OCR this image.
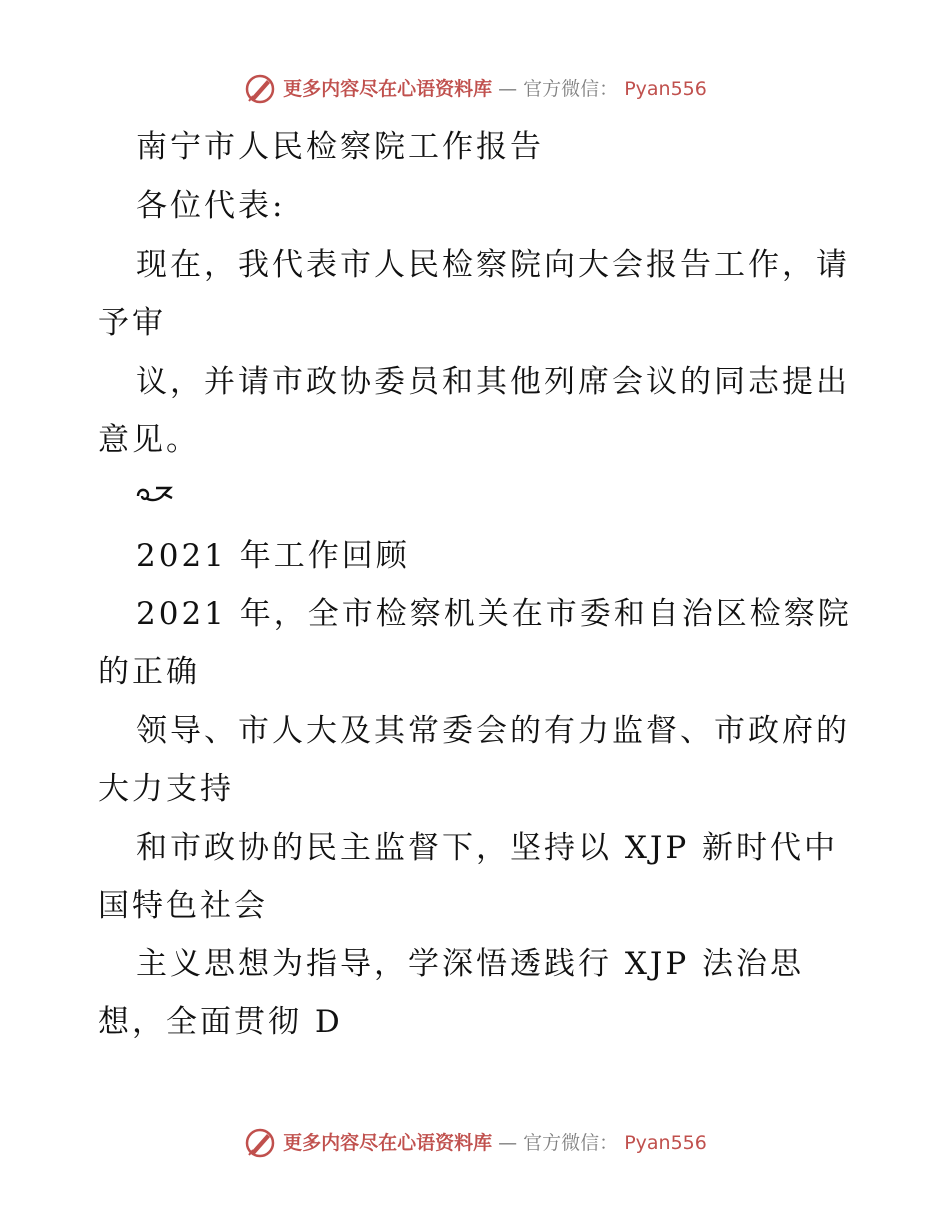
更多内容尽在心语资料库 — 官方微信： Pyan556
南宁市人民检察院工作报告
各位代表:
现在，我代表市人民检察院向大会报告工作，请
予审
议，并请市政协委员和其他列席会议的同志提出
意见。
2021 年工作回顾
2021 年，全市检察机关在市委和自治区检察院
的正确
领导、市人大及其常委会的有力监督、市政府的
大力支持
和市政协的民主监督下，坚持以 XJP 新时代中
国特色社会
主义思想为指导，学深悟透践行 XJP 法治思
想，全面贯彻 D
更多内容尽在心语资料库 — 官方微信： Pyan556
